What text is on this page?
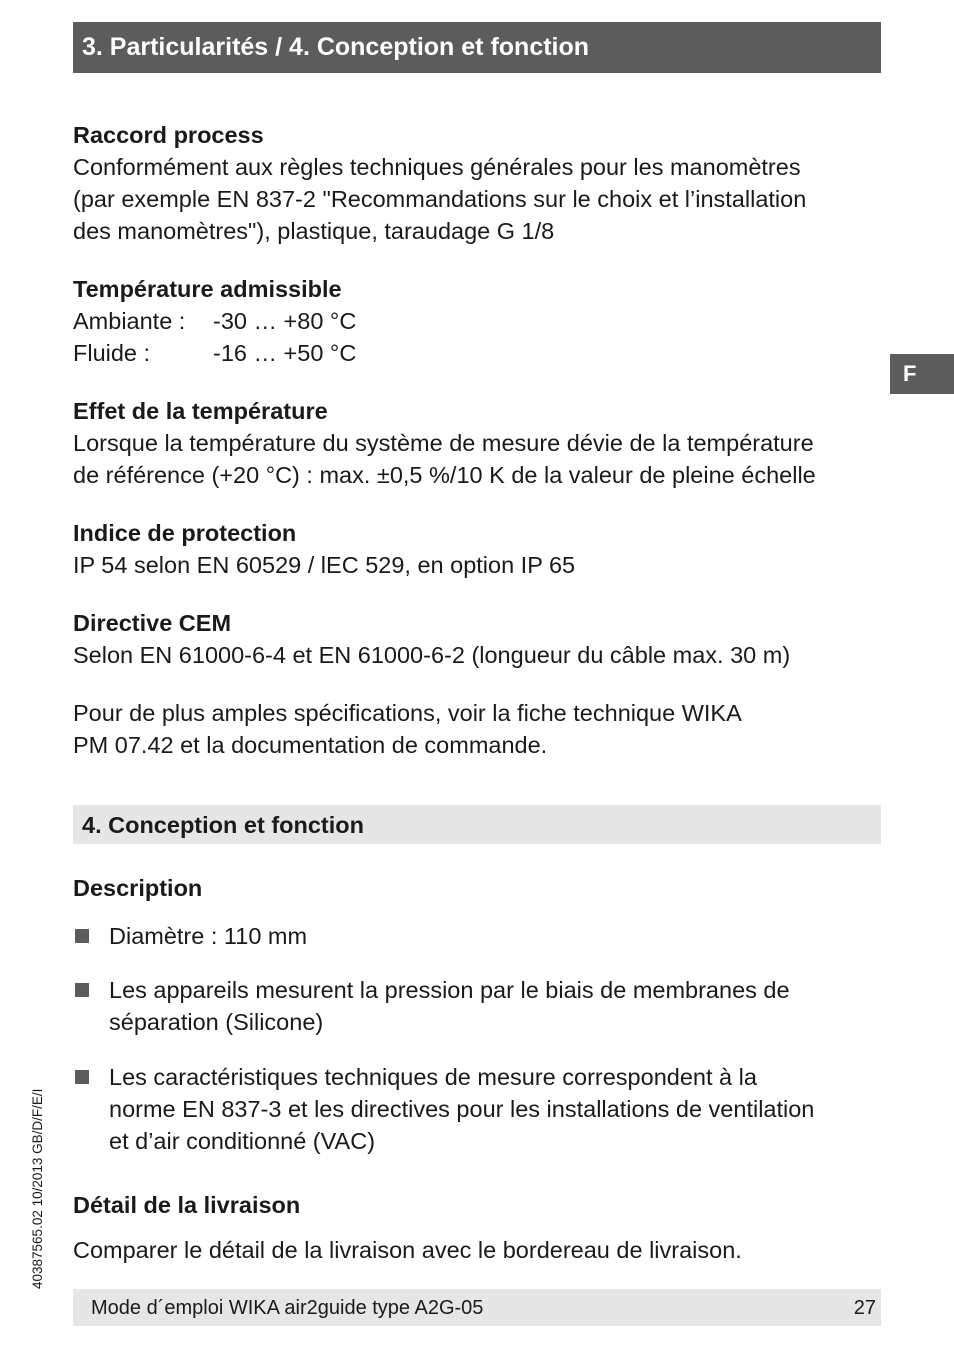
3. Particularités / 4. Conception et fonction
F
Raccord process
Conformément aux règles techniques générales pour les manomètres
(par exemple EN 837-2 "Recommandations sur le choix et l’installation
des manomètres"), plastique, taraudage G 1/8
Température admissible
Ambiante : -30 … +80 °C
Fluide :	-16 … +50 °C
Effet de la température
Lorsque la température du système de mesure dévie de la température
de référence (+20 °C) : max. ±0,5 %/10 K de la valeur de pleine échelle
Indice de protection
IP 54 selon EN 60529 / lEC 529, en option IP 65
Directive CEM
Selon EN 61000-6-4 et EN 61000-6-2 (longueur du câble max. 30 m)
Pour de plus amples spécifications, voir la fiche technique WIKA
PM 07.42 et la documentation de commande.
4. Conception et fonction
Description
Diamètre : 110 mm
Les appareils mesurent la pression par le biais de membranes de
séparation (Silicone)
Les caractéristiques techniques de mesure correspondent à la
norme EN 837-3 et les directives pour les installations de ventilation
et d’air conditionné (VAC)
Détail de la livraison
Comparer le détail de la livraison avec le bordereau de livraison.
40387565.02 10/2013 GB/D/F/E/I
Mode d´emploi WIKA air2guide type A2G-05	27
